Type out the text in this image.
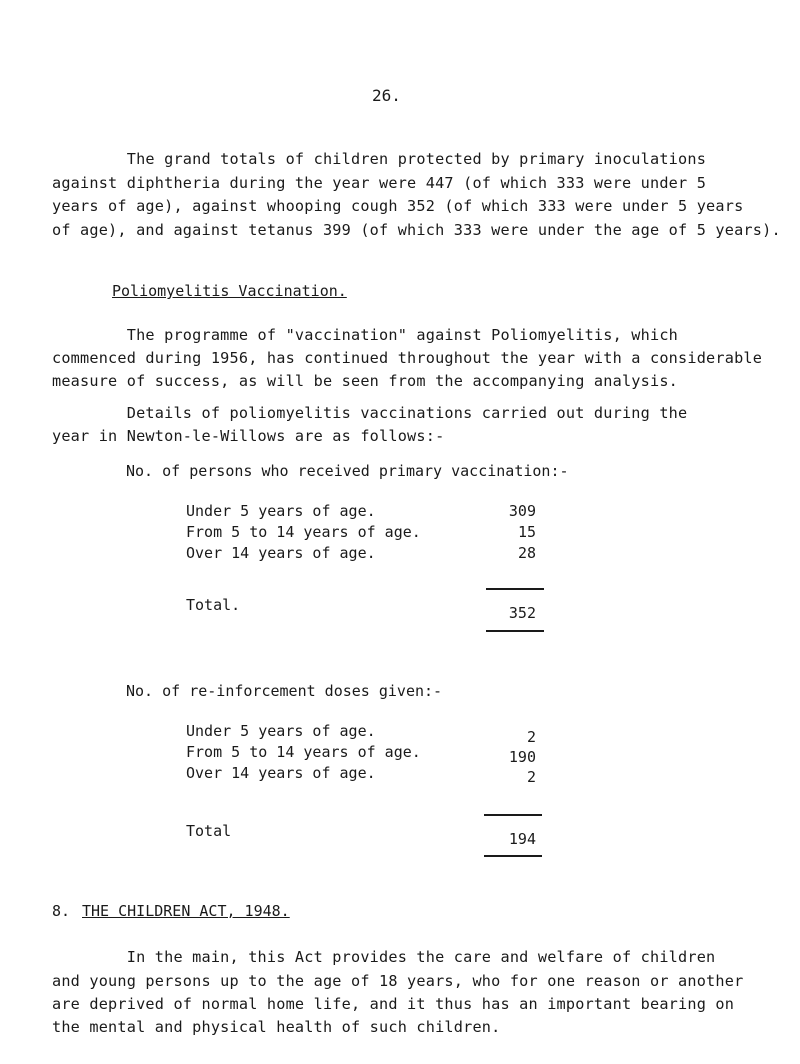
26.
The grand totals of children protected by primary inoculations
against diphtheria during the year were 447 (of which 333 were under 5
years of age), against whooping cough 352 (of which 333 were under 5 years
of age), and against tetanus 399 (of which 333 were under the age of 5 years).
Poliomyelitis Vaccination.
The programme of "vaccination" against Poliomyelitis, which
commenced during 1956, has continued throughout the year with a considerable
measure of success, as will be seen from the accompanying analysis.
Details of poliomyelitis vaccinations carried out during the
year in Newton-le-Willows are as follows:-
No. of persons who received primary vaccination:-
Under 5 years of age.	309
From 5 to 14 years of age.	15
Over 14 years of age.	28
Total.	352
No. of re-inforcement doses given:-
Under 5 years of age.	2
From 5 to 14 years of age.	190
Over 14 years of age.	2
Total	194
8. THE CHILDREN ACT, 1948.
In the main, this Act provides the care and welfare of children
and young persons up to the age of 18 years, who for one reason or another
are deprived of normal home life, and it thus has an important bearing on
the mental and physical health of such children.
